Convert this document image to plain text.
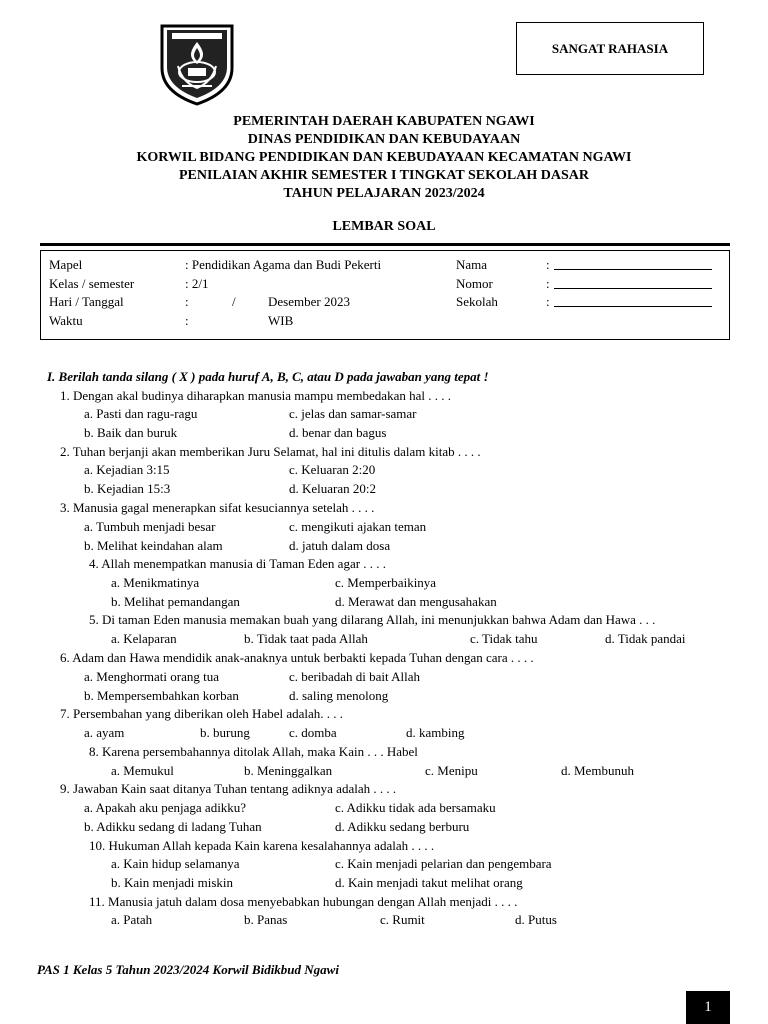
SANGAT RAHASIA
PEMERINTAH DAERAH KABUPATEN NGAWI
DINAS PENDIDIKAN DAN KEBUDAYAAN
KORWIL BIDANG PENDIDIKAN DAN KEBUDAYAAN KECAMATAN NGAWI
PENILAIAN AKHIR SEMESTER I TINGKAT SEKOLAH DASAR
TAHUN PELAJARAN 2023/2024
LEMBAR SOAL
Mapel	: Pendidikan Agama dan Budi Pekerti
Kelas / semester	: 2/1
Hari / Tanggal	:	/ Desember 2023
Waktu	:	WIB
Nama	:
Nomor	:
Sekolah	:
I. Berilah tanda silang ( X ) pada huruf A, B, C, atau D pada jawaban yang tepat !
1. Dengan akal budinya diharapkan manusia mampu membedakan hal . . . .
a. Pasti dan ragu-ragu	c. jelas dan samar-samar
b. Baik dan buruk	d. benar dan bagus
2. Tuhan berjanji akan memberikan Juru Selamat, hal ini ditulis dalam kitab . . . .
a. Kejadian 3:15	c. Keluaran 2:20
b. Kejadian 15:3	d. Keluaran 20:2
3. Manusia gagal menerapkan sifat kesuciannya setelah . . . .
a. Tumbuh menjadi besar	c. mengikuti ajakan teman
b. Melihat keindahan alam	d. jatuh dalam dosa
4. Allah menempatkan manusia di Taman Eden agar . . . .
a. Menikmatinya	c. Memperbaikinya
b. Melihat pemandangan	d. Merawat dan mengusahakan
5. Di taman Eden manusia memakan buah yang dilarang Allah, ini menunjukkan bahwa Adam dan Hawa . . .
a. Kelaparan	b. Tidak taat pada Allah	c. Tidak tahu	d. Tidak pandai
6. Adam dan Hawa mendidik anak-anaknya untuk berbakti kepada Tuhan dengan cara . . . .
a. Menghormati orang tua	c. beribadah di bait Allah
b. Mempersembahkan korban	d. saling menolong
7. Persembahan yang diberikan oleh Habel adalah. . . .
a. ayam	b. burung	c. domba	d. kambing
8. Karena persembahannya ditolak Allah, maka Kain . . . Habel
a. Memukul	b. Meninggalkan	c. Menipu	d. Membunuh
9. Jawaban Kain saat ditanya Tuhan tentang adiknya adalah . . . .
a. Apakah aku penjaga adikku?	c. Adikku tidak ada bersamaku
b. Adikku sedang di ladang Tuhan	d. Adikku sedang berburu
10. Hukuman Allah kepada Kain karena kesalahannya adalah . . . .
a. Kain hidup selamanya	c. Kain menjadi pelarian dan pengembara
b. Kain menjadi miskin	d. Kain menjadi takut melihat orang
11. Manusia jatuh dalam dosa menyebabkan hubungan dengan Allah menjadi . . . .
a. Patah	b. Panas	c. Rumit	d. Putus
PAS 1 Kelas 5 Tahun 2023/2024 Korwil Bidikbud Ngawi
1
